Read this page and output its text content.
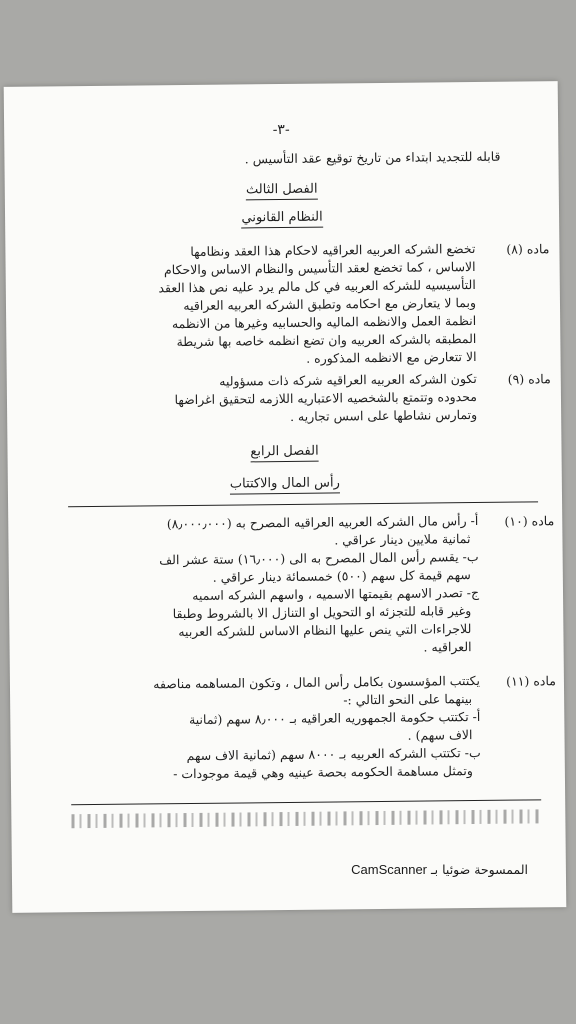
-٣-
قابله للتجديد ابتداء من تاريخ توقيع عقد التأسيس .
الفصل الثالث
النظام القانوني
ماده (٨)
تخضع الشركه العربيه العراقيه لاحكام هذا العقد ونظامها
الاساس ، كما تخضع لعقد التأسيس والنظام الاساس والاحكام
التأسيسيه للشركه العربيه في كل مالم يرد عليه نص هذا العقد
وبما لا يتعارض مع احكامه وتطبق الشركه العربيه العراقيه
انظمة العمل والانظمه الماليه والحسابيه وغيرها من الانظمه
المطبقه بالشركه العربيه وان تضع انظمه خاصه بها شريطة
الا تتعارض مع الانظمه المذكوره .
ماده (٩)
تكون الشركه العربيه العراقيه شركه ذات مسؤوليه
محدوده وتتمتع بالشخصيه الاعتباريه اللازمه لتحقيق اغراضها
وتمارس نشاطها على اسس تجاريه .
الفصل الرابع
رأس المال والاكتتاب
ماده (١٠)
أ- رأس مال الشركه العربيه العراقيه المصرح به (٨٫٠٠٠٫٠٠٠)
ثمانية ملايين دينار عراقي .
ب- يقسم رأس المال المصرح به الى (١٦٫٠٠٠) ستة عشر الف
سهم قيمة كل سهم (٥٠٠) خمسمائة دينار عراقي .
ج- تصدر الاسهم بقيمتها الاسميه ، واسهم الشركه اسميه
وغير قابله للتجزئه او التحويل او التنازل الا بالشروط وطبقا
للاجراءات التي ينص عليها النظام الاساس للشركه العربيه
العراقيه .
ماده (١١)
يكتتب المؤسسون بكامل رأس المال ، وتكون المساهمه مناصفه
بينهما على النحو التالي :-
أ- تكتتب حكومة الجمهوريه العراقيه بـ ٨٫٠٠٠ سهم (ثمانية
الاف سهم) .
ب- تكتتب الشركه العربيه بـ ٨٠٠٠ سهم (ثمانية الاف سهم
وتمثل مساهمة الحكومه بحصة عينيه وهي قيمة موجودات -
الممسوحة ضوئيا بـ CamScanner
